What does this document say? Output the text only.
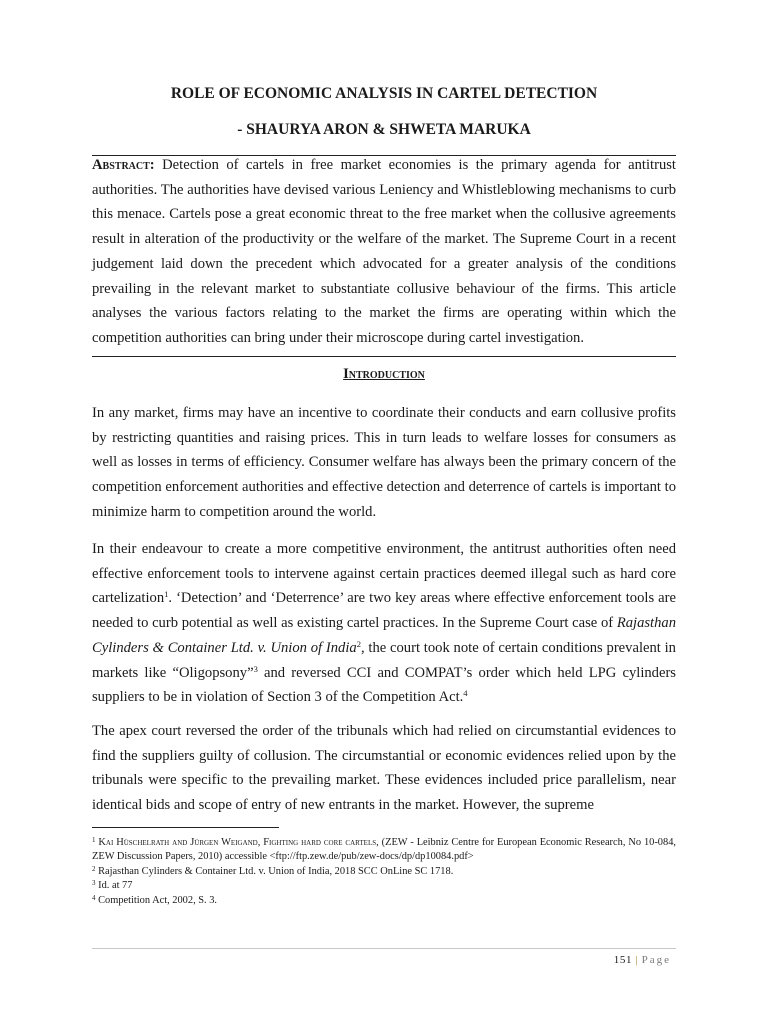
ROLE OF ECONOMIC ANALYSIS IN CARTEL DETECTION
- SHAURYA ARON & SHWETA MARUKA

Abstract: Detection of cartels in free market economies is the primary agenda for antitrust authorities. The authorities have devised various Leniency and Whistleblowing mechanisms to curb this menace. Cartels pose a great economic threat to the free market when the collusive agreements result in alteration of the productivity or the welfare of the market. The Supreme Court in a recent judgement laid down the precedent which advocated for a greater analysis of the conditions prevailing in the relevant market to substantiate collusive behaviour of the firms. This article analyses the various factors relating to the market the firms are operating within which the competition authorities can bring under their microscope during cartel investigation.

Introduction

In any market, firms may have an incentive to coordinate their conducts and earn collusive profits by restricting quantities and raising prices. This in turn leads to welfare losses for consumers as well as losses in terms of efficiency. Consumer welfare has always been the primary concern of the competition enforcement authorities and effective detection and deterrence of cartels is important to minimize harm to competition around the world.

In their endeavour to create a more competitive environment, the antitrust authorities often need effective enforcement tools to intervene against certain practices deemed illegal such as hard core cartelization$^1$. ‘Detection’ and ‘Deterrence’ are two key areas where effective enforcement tools are needed to curb potential as well as existing cartel practices. In the Supreme Court case of Rajasthan Cylinders & Container Ltd. v. Union of India$^2$, the court took note of certain conditions prevalent in markets like “Oligopsony”$^3$ and reversed CCI and COMPAT’s order which held LPG cylinders suppliers to be in violation of Section 3 of the Competition Act.$^4$

The apex court reversed the order of the tribunals which had relied on circumstantial evidences to find the suppliers guilty of collusion. The circumstantial or economic evidences relied upon by the tribunals were specific to the prevailing market. These evidences included price parallelism, near identical bids and scope of entry of new entrants in the market. However, the supreme

$^1$ Kai Hüschelrath and Jürgen Weigand, Fighting hard core cartels, (ZEW - Leibniz Centre for European Economic Research, No 10-084, ZEW Discussion Papers, 2010) accessible <ftp://ftp.zew.de/pub/zew-docs/dp/dp10084.pdf>
$^2$ Rajasthan Cylinders & Container Ltd. v. Union of India, 2018 SCC OnLine SC 1718.
$^3$ Id. at 77
$^4$ Competition Act, 2002, S. 3.
151 | Page
